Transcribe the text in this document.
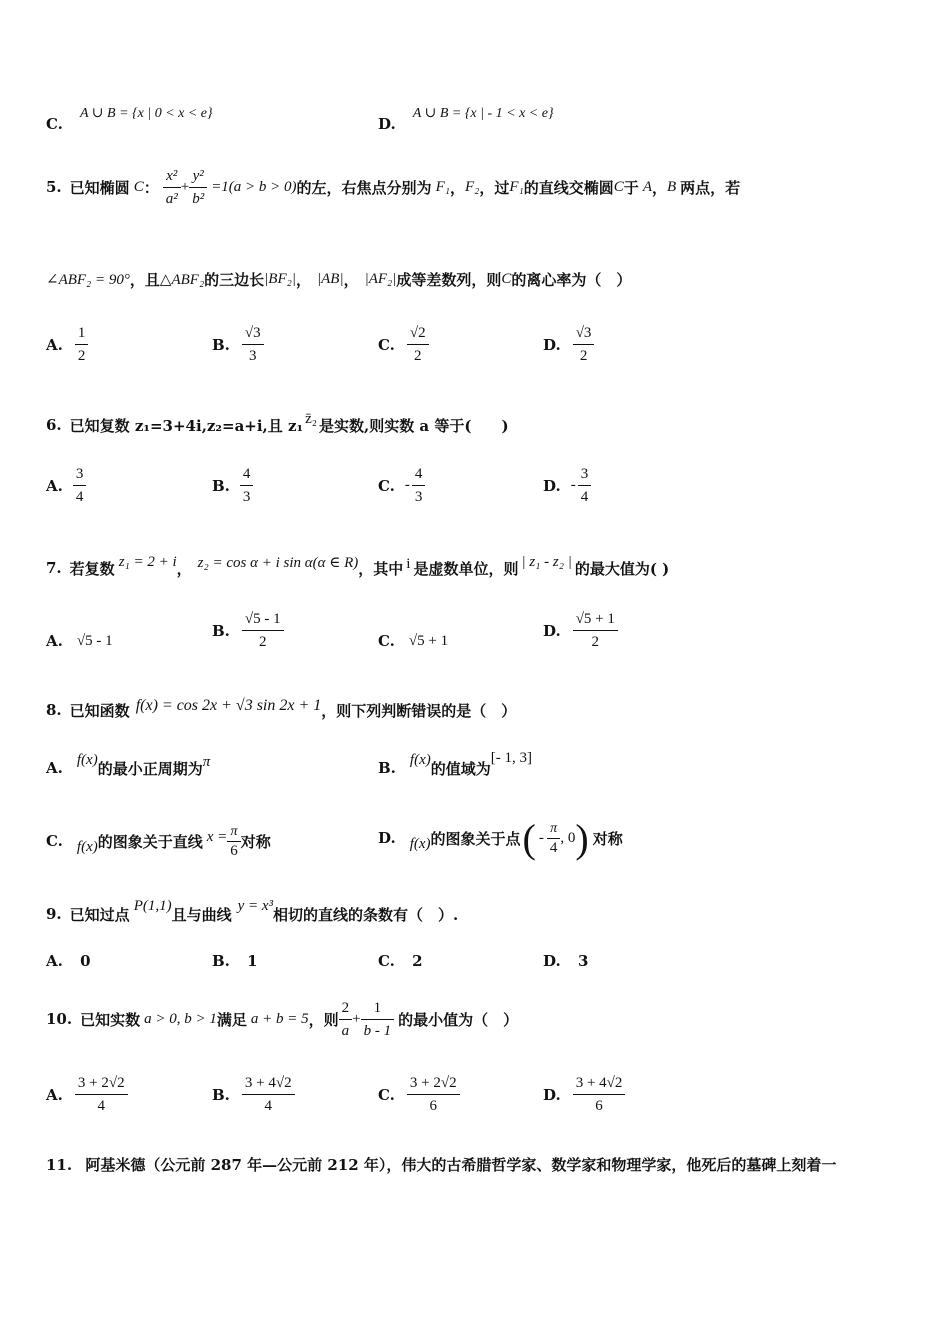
C. A ∪ B = {x | 0 < x < e}
D. A ∪ B = {x | - 1 < x < e}
5. 已知椭圆 C ： $\frac{\text{x²}}{\text{a²}} + \frac{\text{y²}}{\text{b²}} =1(a > b > 0)$ 的左，右焦点分别为 F₁ ， F₂ ，过 F₁ 的直线交椭圆 C 于 A ， B 两点，若
∠ABF₂ = 90° ，且 △ABF₂ 的三边长 |BF₂| ， |AB| ， |AF₂| 成等差数列，则 C 的离心率为（　）
A. $\frac{1}{2}$	B. $\frac{√3}{3}$	C. $\frac{√2}{2}$	D. $\frac{√3}{2}$
6. 已知复数 z₁=3+4i,z₂=a+i,且 z₁ z̄₂ 是实数,则实数 a 等于(　　)
A. $\frac{3}{4}$	B. $\frac{4}{3}$	C. - $\frac{4}{3}$	D. - $\frac{3}{4}$
7. 若复数 z₁ = 2 + i ， z₂ = cos α + i sin α(α ∈ R) ，其中 i 是虚数单位，则 | z₁ - z₂ | 的最大值为( )
A. √5 - 1
B. $\frac{√5 - 1}{2}$	C. √5 + 1
D. $\frac{√5 + 1}{2}$
8. 已知函数 f(x) = cos 2x + √3 sin 2x + 1 ，则下列判断错误的是（　）
A. f(x) 的最小正周期为 π	B. f(x) 的值域为
[- 1, 3]
C. f(x) 的图象关于直线 $x = \frac{\pi}{6}$ 对称	D. f(x) 的图象关于点 ( - $\frac{\pi}{4}$ , 0 ) 对称
9. 已知过点 P(1,1) 且与曲线 y = x³ 相切的直线的条数有（　）.
A. 0	B. 1	C. 2	D. 3
10. 已知实数 a > 0, b > 1 满足 a + b = 5 ，则 $\frac{2}{a} + \frac{1}{b - 1}$ 的最小值为（　）
A. $\frac{3 + 2√2}{4}$	B. $\frac{3 + 4√2}{4}$	C. $\frac{3 + 2√2}{6}$	D. $\frac{3 + 4√2}{6}$
11. 阿基米德（公元前 287 年—公元前 212 年），伟大的古希腊哲学家、数学家和物理学家，他死后的墓碑上刻着一
